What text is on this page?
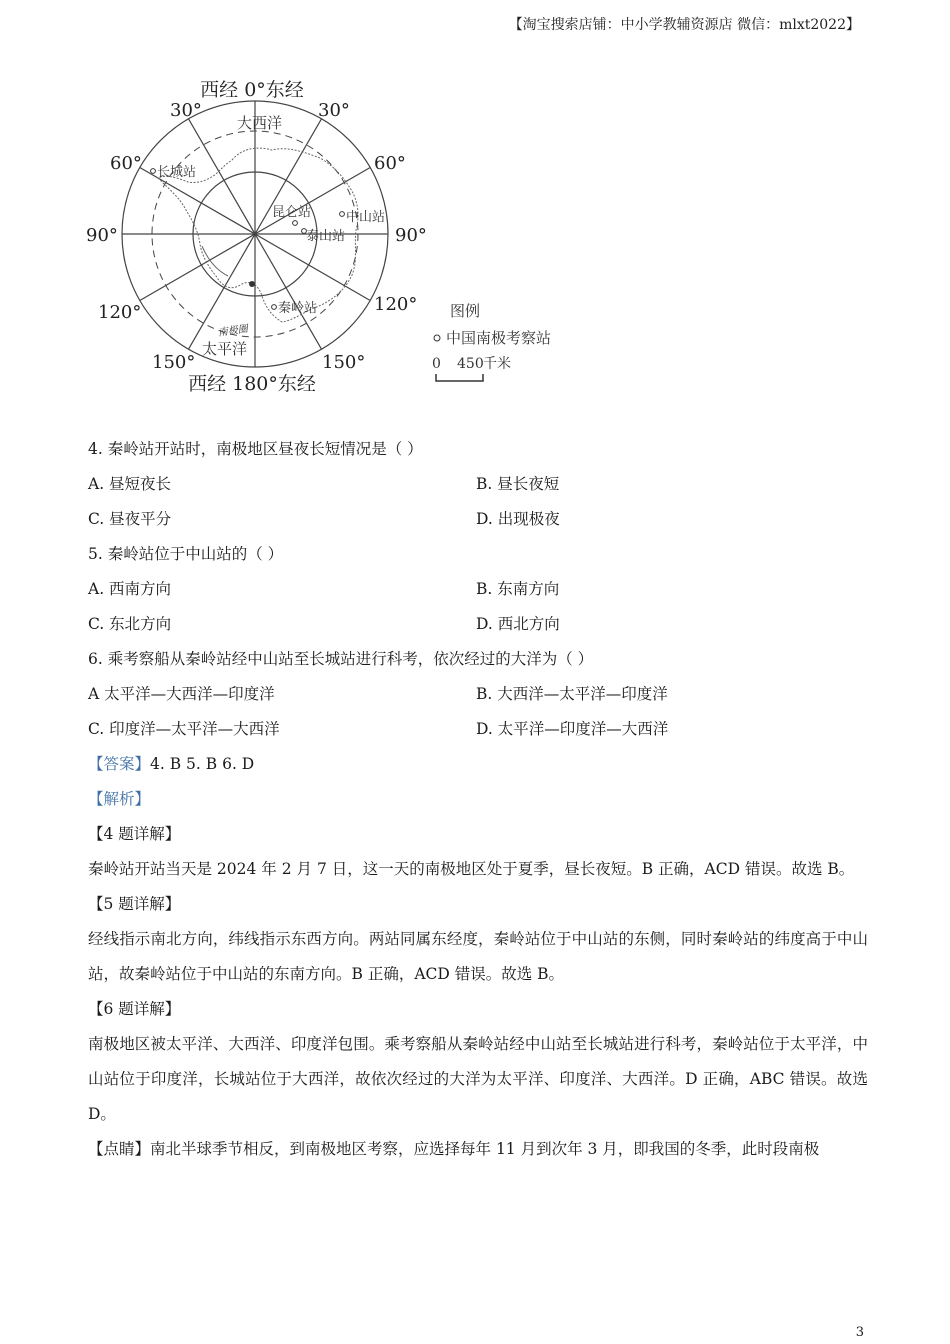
【淘宝搜索店铺：中小学教辅资源店 微信：mlxt2022】
西经 0°东经
西经 180°东经
30°
60°
90°
120°
150°
30°
60°
90°
120°
150°
大西洋
太平洋
南极圈
长城站
昆仑站	中山站
泰山站
秦岭站	图例
中国南极考察站
0 450 千米
4. 秦岭站开站时，南极地区昼夜长短情况是（ ）
A. 昼短夜长	B. 昼长夜短
C. 昼夜平分	D. 出现极夜
5. 秦岭站位于中山站的（ ）
A. 西南方向	B. 东南方向
C. 东北方向	D. 西北方向
6. 乘考察船从秦岭站经中山站至长城站进行科考，依次经过的大洋为（ ）
A 太平洋—大西洋—印度洋	B. 大西洋—太平洋—印度洋
C. 印度洋—太平洋—大西洋	D. 太平洋—印度洋—大西洋
【答案】4. B 5. B 6. D
【解析】
【4 题详解】
秦岭站开站当天是 2024 年 2 月 7 日，这一天的南极地区处于夏季，昼长夜短。B 正确，ACD 错误。故选 B。
【5 题详解】
经线指示南北方向，纬线指示东西方向。两站同属东经度，秦岭站位于中山站的东侧，同时秦岭站的纬度高于中山站，故秦岭站位于中山站的东南方向。B 正确，ACD 错误。故选 B。
【6 题详解】
南极地区被太平洋、大西洋、印度洋包围。乘考察船从秦岭站经中山站至长城站进行科考，秦岭站位于太平洋，中山站位于印度洋，长城站位于大西洋，故依次经过的大洋为太平洋、印度洋、大西洋。D 正确，ABC 错误。故选 D。
【点睛】南北半球季节相反，到南极地区考察，应选择每年 11 月到次年 3 月，即我国的冬季，此时段南极
3
